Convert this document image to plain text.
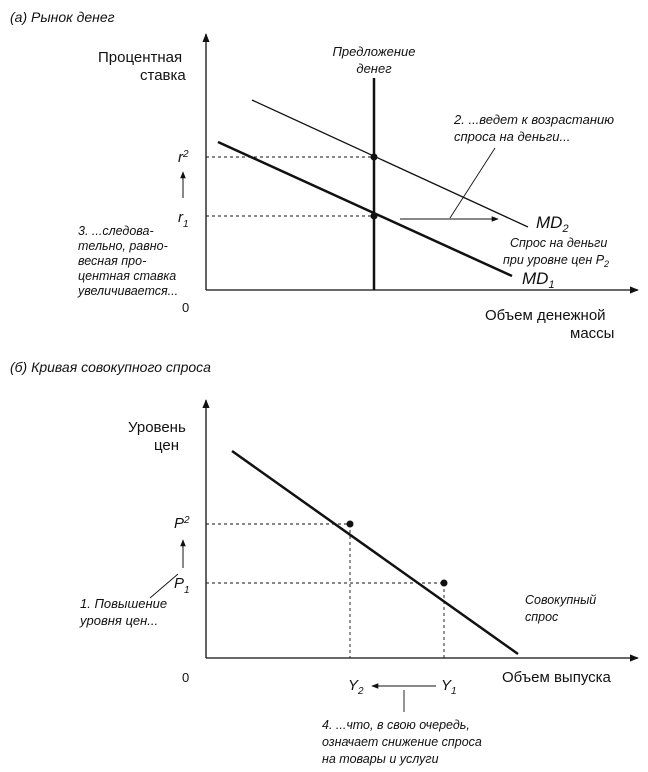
(а) Рынок денег
Процентная
ставка
0	Объем денежной
массы
Предложение
денег
$r^2$
$r_1$
2. ...ведет к возрастанию
спроса на деньги...
$MD_2$
$MD_1$
Спрос на деньги
при уровне цен $P_2$
3. ...следова-
тельно, равно-
весная про-
центная ставка
увеличивается...
(б) Кривая совокупного спроса
Уровень
цен
0	Объем выпуска
$P^2$
$P_1$
1. Повышение
уровня цен...
Совокупный
спрос
$Y_2$	$Y_1$
4. ...что, в свою очередь,
означает снижение спроса
на товары и услуги
